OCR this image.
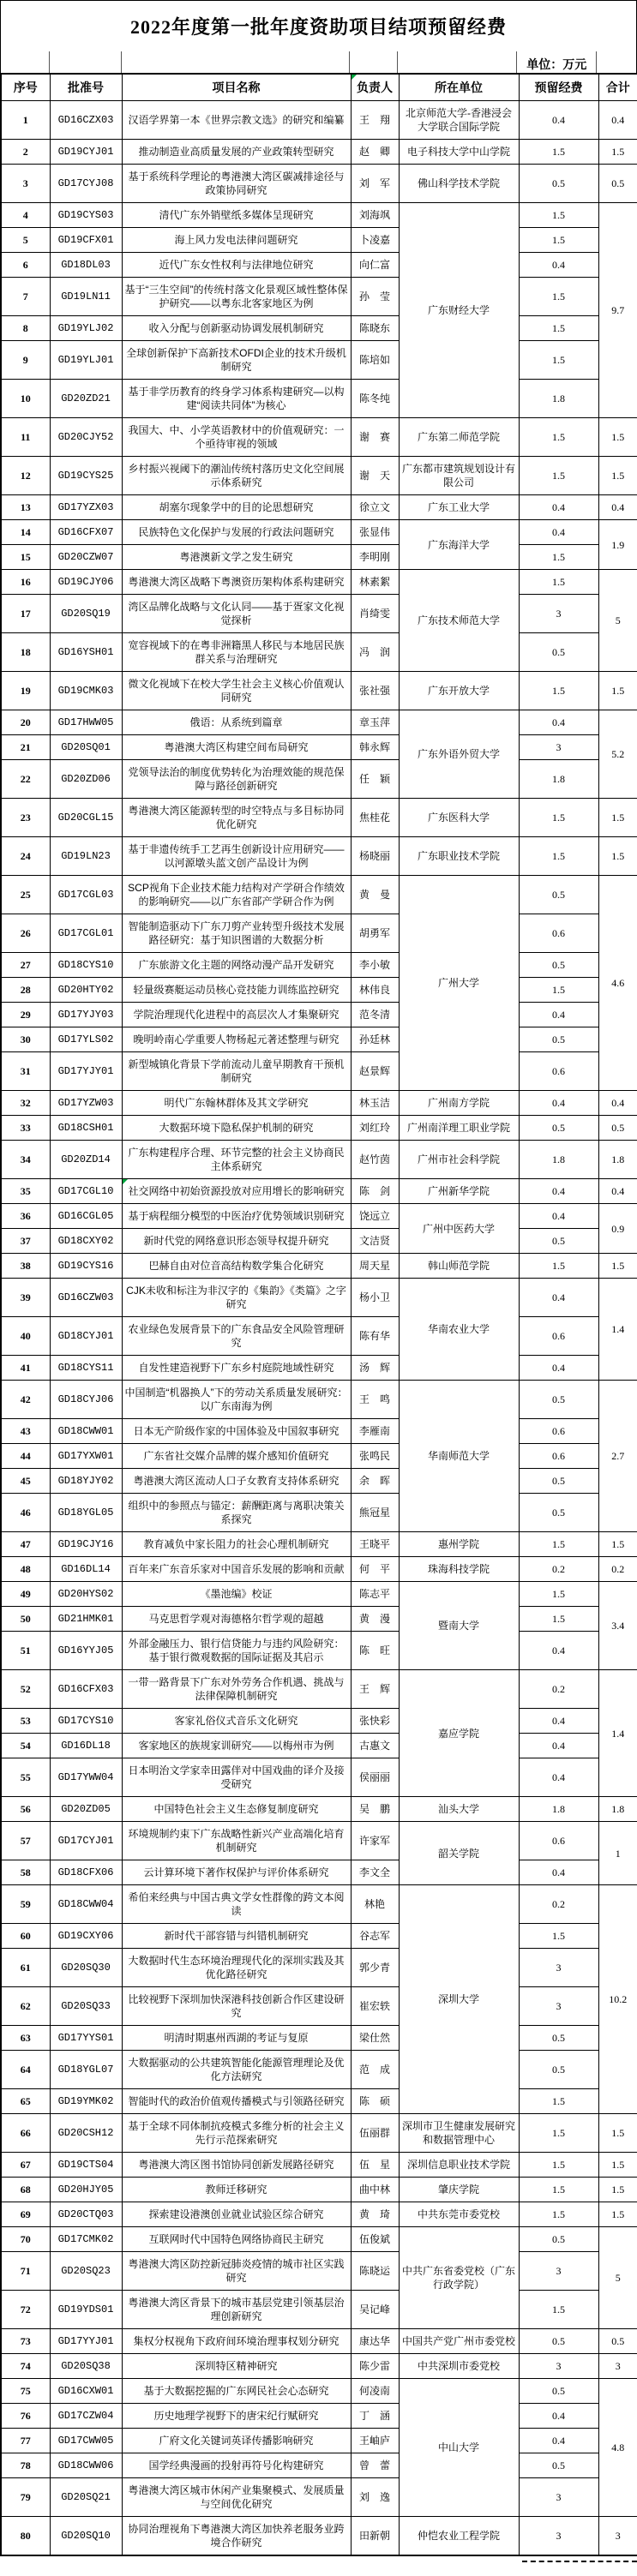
2022年度第一批年度资助项目结项预留经费
单位：万元
序号	批准号	项目名称	负责人	所在单位	预留经费	合计
1	GD16CZX03	汉语学界第一本《世界宗教文选》的研究和编纂	王　翔	北京师范大学-香港浸会大学联合国际学院	0.4	0.4
2	GD19CYJ01	推动制造业高质量发展的产业政策转型研究	赵　卿	电子科技大学中山学院	1.5	1.5
3	GD17CYJ08	基于系统科学理论的粤港澳大湾区碳减排途径与政策协同研究	刘　军	佛山科学技术学院	0.5	0.5
4	GD19CYS03	清代广东外销壁纸多媒体呈现研究	刘海飒	广东财经大学	1.5	9.7
5	GD19CFX01	海上风力发电法律问题研究	卜凌嘉		1.5	
6	GD18DL03	近代广东女性权利与法律地位研究	向仁富		0.4	
7	GD19LN11	基于“三生空间”的传统村落文化景观区域性整体保护研究——以粤东北客家地区为例	孙　莹		1.5	
8	GD19YLJ02	收入分配与创新驱动协调发展机制研究	陈晓东		1.5	
9	GD19YLJ01	全球创新保护下高新技术OFDI企业的技术升级机制研究	陈培如		1.5	
10	GD20ZD21	基于非学历教育的终身学习体系构建研究—以构建“阅读共同体”为核心	陈冬纯		1.8	
11	GD20CJY52	我国大、中、小学英语教材中的价值观研究：一个亟待审视的领域	谢　赛	广东第二师范学院	1.5	1.5
12	GD19CYS25	乡村振兴视阈下的潮汕传统村落历史文化空间展示体系研究	谢　天	广东都市建筑规划设计有限公司	1.5	1.5
13	GD17YZX03	胡塞尔现象学中的目的论思想研究	徐立文	广东工业大学	0.4	0.4
14	GD16CFX07	民族特色文化保护与发展的行政法问题研究	张显伟	广东海洋大学	0.4	1.9
15	GD20CZW07	粤港澳新文学之发生研究	李明刚		1.5	
16	GD19CJY06	粤港澳大湾区战略下粤澳资历架构体系构建研究	林素絮	广东技术师范大学	1.5	5
17	GD20SQ19	湾区品牌化战略与文化认同——基于疍家文化视觉探析	肖绮雯		3	
18	GD16YSH01	宽容视域下的在粤非洲籍黑人移民与本地居民族群关系与治理研究	冯　润		0.5	
19	GD19CMK03	微文化视域下在校大学生社会主义核心价值观认同研究	张社强	广东开放大学	1.5	1.5
20	GD17HWW05	俄语：从系统到篇章	章玉萍	广东外语外贸大学	0.4	5.2
21	GD20SQ01	粤港澳大湾区构建空间布局研究	韩永辉		3	
22	GD20ZD06	党领导法治的制度优势转化为治理效能的规范保障与路径创新研究	任　颖		1.8	
23	GD20CGL15	粤港澳大湾区能源转型的时空特点与多目标协同优化研究	焦桂花	广东医科大学	1.5	1.5
24	GD19LN23	基于非遗传统手工艺再生创新设计应用研究——以河源墩头蓝文创产品设计为例	杨晓丽	广东职业技术学院	1.5	1.5
25	GD17CGL03	SCP视角下企业技术能力结构对产学研合作绩效的影响研究——以广东省部产学研合作为例	黄　曼	广州大学	0.5	4.6
26	GD17CGL01	智能制造驱动下广东刀剪产业转型升级技术发展路径研究：基于知识图谱的大数据分析	胡勇军		0.6	
27	GD18CYS10	广东旅游文化主题的网络动漫产品开发研究	李小敏		0.5	
28	GD20HTY02	轻量级赛艇运动员核心竞技能力训练监控研究	林伟良		1.5	
29	GD17YJY03	学院治理现代化进程中的高层次人才集聚研究	范冬清		0.4	
30	GD17YLS02	晚明岭南心学重要人物杨起元著述整理与研究	孙廷林		0.5	
31	GD17YJY01	新型城镇化背景下学前流动儿童早期教育干预机制研究	赵景辉		0.6	
32	GD17YZW03	明代广东翰林群体及其文学研究	林玉洁	广州南方学院	0.4	0.4
33	GD18CSH01	大数据环境下隐私保护机制的研究	刘红玲	广州南洋理工职业学院	0.5	0.5
34	GD20ZD14	广东构建程序合理、环节完整的社会主义协商民主体系研究	赵竹茵	广州市社会科学院	1.8	1.8
35	GD17CGL10	社交网络中初始资源投放对应用增长的影响研究	陈　剑	广州新华学院	0.4	0.4
36	GD16CGL05	基于病程细分模型的中医治疗优势领域识别研究	饶远立	广州中医药大学	0.4	0.9
37	GD18CXY02	新时代党的网络意识形态领导权提升研究	文洁贤		0.5	
38	GD19CYS16	巴赫自由对位音高结构数学集合化研究	周天星	韩山师范学院	1.5	1.5
39	GD16CZW03	CJK未收和标注为非汉字的《集韵》《类篇》之字研究	杨小卫	华南农业大学	0.4	1.4
40	GD18CYJ01	农业绿色发展背景下的广东食品安全风险管理研究	陈有华		0.6	
41	GD18CYS11	自发性建造视野下广东乡村庭院地域性研究	汤　辉		0.4	
42	GD18CYJ06	中国制造“机器换人”下的劳动关系质量发展研究：以广东南海为例	王　鸣	华南师范大学	0.5	2.7
43	GD18CWW01	日本无产阶级作家的中国体验及中国叙事研究	李雁南		0.6	
44	GD17YXW01	广东省社交媒介品牌的媒介感知价值研究	张鸣民		0.6	
45	GD18YJY02	粤港澳大湾区流动人口子女教育支持体系研究	余　晖		0.5	
46	GD18YGL05	组织中的参照点与锚定：薪酬距离与离职决策关系探究	熊冠星		0.5	
47	GD19CJY16	教育减负中家长阻力的社会心理机制研究	王晓平	惠州学院	1.5	1.5
48	GD16DL14	百年来广东音乐家对中国音乐发展的影响和贡献	何　平	珠海科技学院	0.2	0.2
49	GD20HYS02	《墨池编》校证	陈志平	暨南大学	1.5	3.4
50	GD21HMK01	马克思哲学观对海德格尔哲学观的超越	黄　漫		1.5	
51	GD16YYJ05	外部金融压力、银行信贷能力与违约风险研究：基于银行微观数据的国际证据及其启示	陈　旺		0.4	
52	GD16CFX03	一带一路背景下广东对外劳务合作机遇、挑战与法律保障机制研究	王　辉	嘉应学院	0.2	1.4
53	GD17CYS10	客家礼俗仪式音乐文化研究	张快彩		0.4	
54	GD16DL18	客家地区的族规家训研究——以梅州市为例	古惠文		0.4	
55	GD17YWW04	日本明治文学家幸田露伴对中国戏曲的译介及接受研究	侯丽丽		0.4	
56	GD20ZD05	中国特色社会主义生态修复制度研究	吴　鹏	汕头大学	1.8	1.8
57	GD17CYJ01	环境规制约束下广东战略性新兴产业高端化培育机制研究	许家军	韶关学院	0.6	1
58	GD18CFX06	云计算环境下著作权保护与评价体系研究	李文全		0.4	
59	GD18CWW04	希伯来经典与中国古典文学女性群像的跨文本阅读	林艳	深圳大学	0.2	10.2
60	GD19CXY06	新时代干部容错与纠错机制研究	谷志军		1.5	
61	GD20SQ30	大数据时代生态环境治理现代化的深圳实践及其优化路径研究	郭少青		3	
62	GD20SQ33	比较视野下深圳加快深港科技创新合作区建设研究	崔宏轶		3	
63	GD17YYS01	明清时期惠州西湖的考证与复原	梁仕然		0.5	
64	GD18YGL07	大数据驱动的公共建筑智能化能源管理理论及优化方法研究	范　成		0.5	
65	GD19YMK02	智能时代的政治价值观传播模式与引领路径研究	陈　硕		1.5	
66	GD20CSH12	基于全球不同体制抗疫模式多维分析的社会主义先行示范探索研究	伍丽群	深圳市卫生健康发展研究和数据管理中心	1.5	1.5
67	GD19CTS04	粤港澳大湾区图书馆协同创新发展路径研究	伍　星	深圳信息职业技术学院	1.5	1.5
68	GD20HJY05	教师迁移研究	曲中林	肇庆学院	1.5	1.5
69	GD20CTQ03	探索建设港澳创业就业试验区综合研究	黄　琦	中共东莞市委党校	1.5	1.5
70	GD17CMK02	互联网时代中国特色网络协商民主研究	伍俊斌	中共广东省委党校（广东行政学院）	0.5	5
71	GD20SQ23	粤港澳大湾区防控新冠肺炎疫情的城市社区实践研究	陈晓运		3	
72	GD19YDS01	粤港澳大湾区背景下的城市基层党建引领基层治理创新研究	吴记峰		1.5	
73	GD17YYJ01	集权分权视角下政府间环境治理事权划分研究	康达华	中国共产党广州市委党校	0.5	0.5
74	GD20SQ38	深圳特区精神研究	陈少雷	中共深圳市委党校	3	3
75	GD16CXW01	基于大数据挖掘的广东网民社会心态研究	何凌南	中山大学	0.5	4.8
76	GD17CZW04	历史地理学视野下的唐宋纪行赋研究	丁　涵		0.4	
77	GD17CWW05	广府文化关键词英译传播影响研究	王岫庐		0.4	
78	GD18CWW06	国学经典漫画的投射再符号化构建研究	曾　蕾		0.5	
79	GD20SQ21	粤港澳大湾区城市休闲产业集聚模式、发展质量与空间优化研究	刘　逸		3	
80	GD20SQ10	协同治理视角下粤港澳大湾区加快养老服务业跨境合作研究	田新朝	仲恺农业工程学院	3	3
